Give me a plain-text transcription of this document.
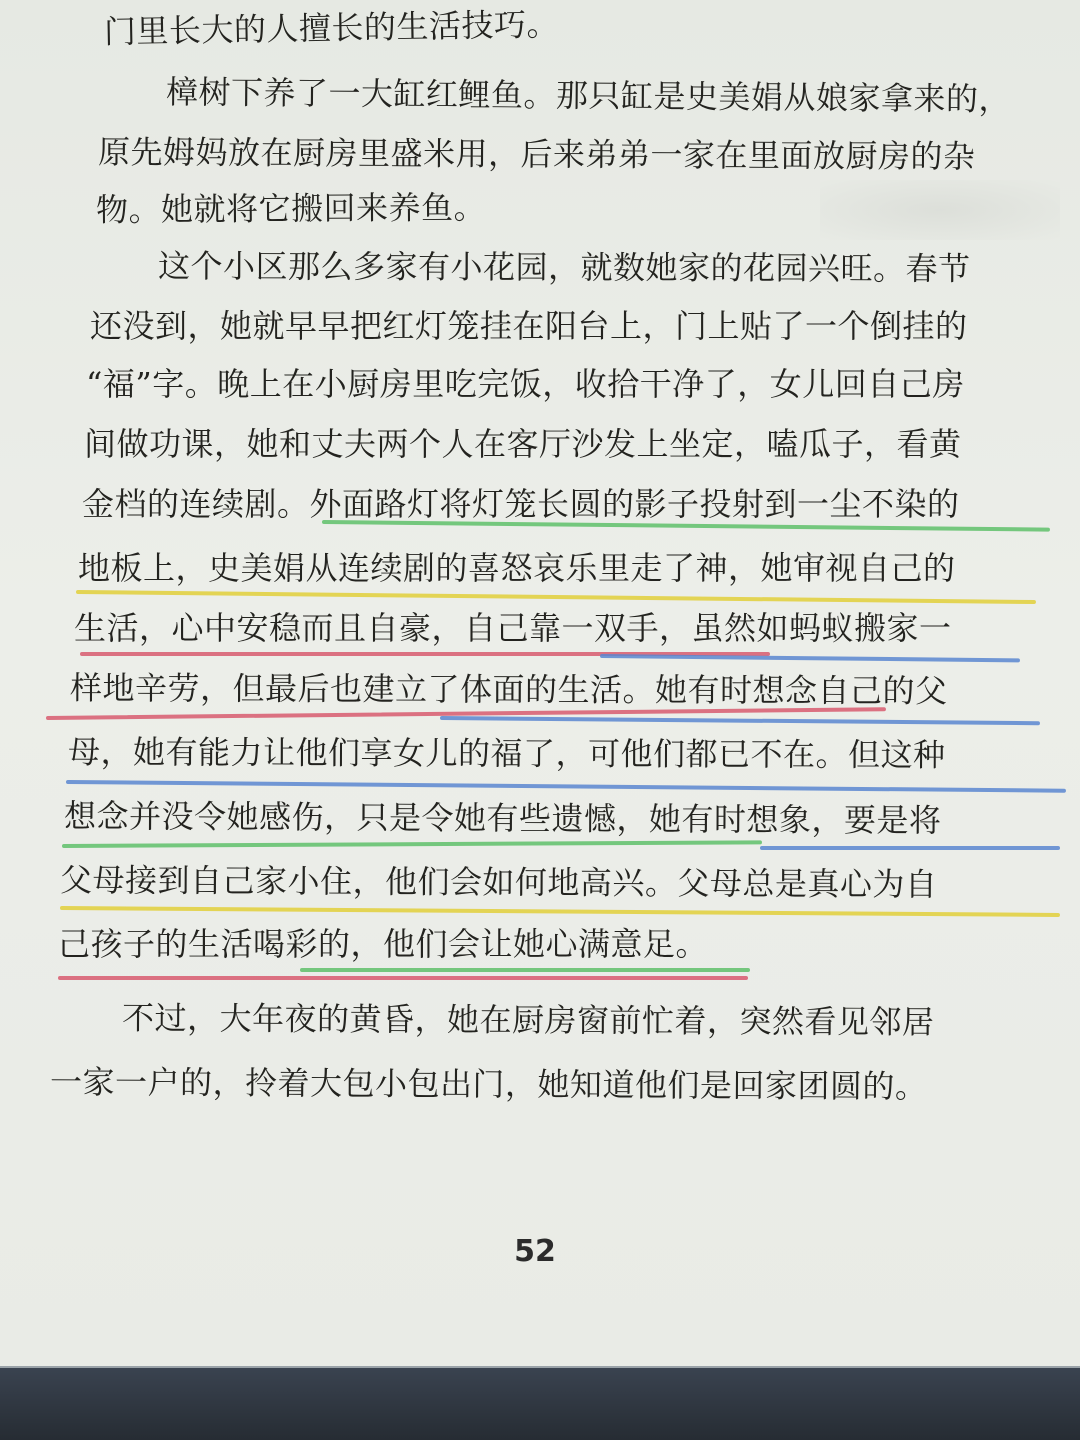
门里长大的人擅长的生活技巧。
樟树下养了一大缸红鲤鱼。那只缸是史美娟从娘家拿来的，
原先姆妈放在厨房里盛米用，后来弟弟一家在里面放厨房的杂
物。她就将它搬回来养鱼。
这个小区那么多家有小花园，就数她家的花园兴旺。春节
还没到，她就早早把红灯笼挂在阳台上，门上贴了一个倒挂的
“福”字。晚上在小厨房里吃完饭，收拾干净了，女儿回自己房
间做功课，她和丈夫两个人在客厅沙发上坐定，嗑瓜子，看黄
金档的连续剧。外面路灯将灯笼长圆的影子投射到一尘不染的
地板上，史美娟从连续剧的喜怒哀乐里走了神，她审视自己的
生活，心中安稳而且自豪，自己靠一双手，虽然如蚂蚁搬家一
样地辛劳，但最后也建立了体面的生活。她有时想念自己的父
母，她有能力让他们享女儿的福了，可他们都已不在。但这种
想念并没令她感伤，只是令她有些遗憾，她有时想象，要是将
父母接到自己家小住，他们会如何地高兴。父母总是真心为自
己孩子的生活喝彩的，他们会让她心满意足。
不过，大年夜的黄昏，她在厨房窗前忙着，突然看见邻居
一家一户的，拎着大包小包出门，她知道他们是回家团圆的。
52
